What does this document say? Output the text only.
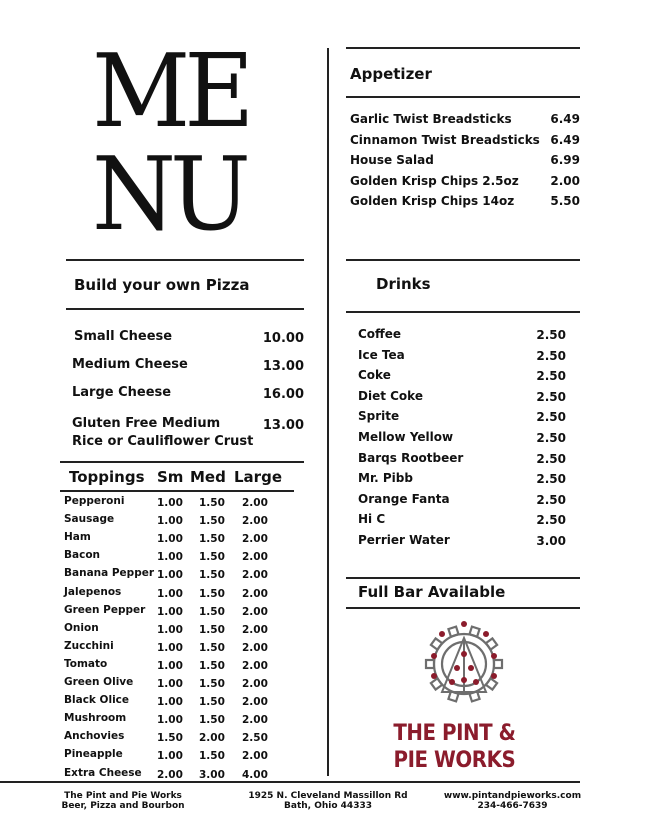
ME
NU
Appetizer
Garlic Twist Breadsticks	6.49
Cinnamon Twist Breadsticks 6.49
House Salad	6.99
Golden Krisp Chips 2.5oz	2.00
Golden Krisp Chips 14oz	5.50
Build your own Pizza
Small Cheese	10.00
Medium Cheese	13.00
Large Cheese	16.00
Gluten Free Medium
Rice or Cauliflower Crust
13.00
Toppings Sm Med Large
Pepperoni	1.00 1.50 2.00
Sausage	1.00 1.50 2.00
Ham	1.00 1.50 2.00
Bacon	1.00 1.50 2.00
Banana Pepper 1.00 1.50 2.00
Jalepenos	1.00 1.50 2.00
Green Pepper 1.00 1.50 2.00
Onion	1.00 1.50 2.00
Zucchini	1.00 1.50 2.00
Tomato	1.00 1.50 2.00
Green Olive 1.00 1.50 2.00
Black Olice	1.00 1.50 2.00
Mushroom	1.00 1.50 2.00
Anchovies	1.50 2.00 2.50
Pineapple	1.00 1.50 2.00
Extra Cheese 2.00 3.00 4.00
Drinks
Coffee	2.50
Ice Tea	2.50
Coke	2.50
Diet Coke	2.50
Sprite	2.50
Mellow Yellow	2.50
Barqs Rootbeer	2.50
Mr. Pibb	2.50
Orange Fanta	2.50
Hi C	2.50
Perrier Water	3.00
Full Bar Available
THE PINT &
PIE WORKS
The Pint and Pie Works
Beer, Pizza and Bourbon
1925 N. Cleveland Massillon Rd
Bath, Ohio 44333
www.pintandpieworks.com
234-466-7639
